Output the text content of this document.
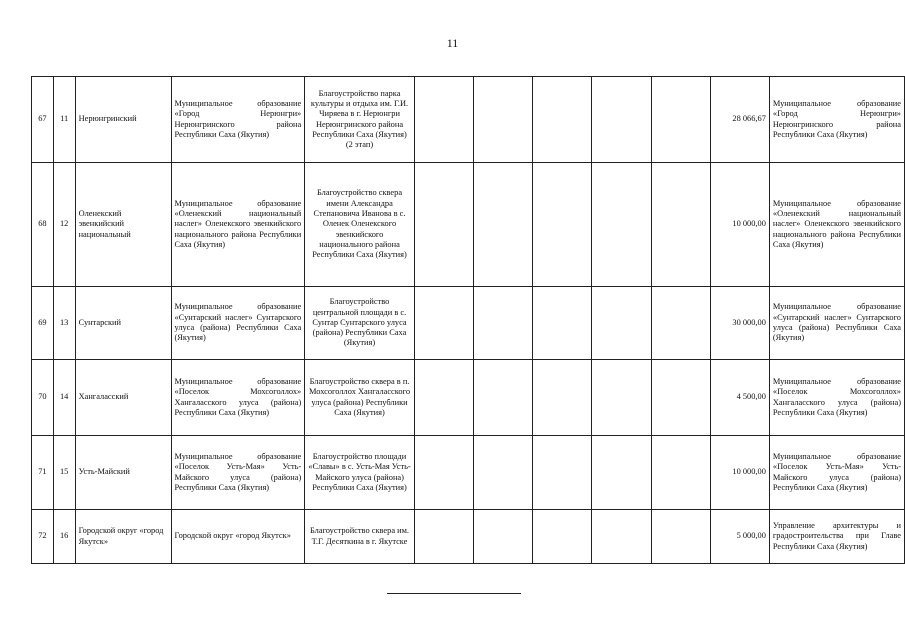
11
67	11	Нерюнгринский	Муниципальное образование «Город Нерюнгри» Нерюнгринского района Республики Саха (Якутия)	Благоустройство парка культуры и отдыха им. Г.И. Чиряева в г. Нерюнгри Нерюнгринского района Республики Саха (Якутия) (2 этап)						28 066,67	Муниципальное образование «Город Нерюнгри» Нерюнгринского района Республики Саха (Якутия)
68	12	Оленекский эвенкийский национальный	Муниципальное образование «Оленекский национальный наслег» Оленекского эвенкийского национального района Республики Саха (Якутия)	Благоустройство сквера имени Александра Степановича Иванова в с. Оленек Оленекского эвенкийского национального района Республики Саха (Якутия)						10 000,00	Муниципальное образование «Оленекский национальный наслег» Оленекского эвенкийского национального района Республики Саха (Якутия)
69	13	Сунтарский	Муниципальное образование «Сунтарский наслег» Сунтарского улуса (района) Республики Саха (Якутия)	Благоустройство центральной площади в с. Сунтар Сунтарского улуса (района) Республики Саха (Якутия)						30 000,00	Муниципальное образование «Сунтарский наслег» Сунтарского улуса (района) Республики Саха (Якутия)
70	14	Хангаласский	Муниципальное образование «Поселок Мохсоголлох» Хангаласского улуса (района) Республики Саха (Якутия)	Благоустройство сквера в п. Мохсоголлох Хангаласского улуса (района) Республики Саха (Якутия)						4 500,00	Муниципальное образование «Поселок Мохсоголлох» Хангаласского улуса (района) Республики Саха (Якутия)
71	15	Усть-Майский	Муниципальное образование «Поселок Усть-Мая» Усть-Майского улуса (района) Республики Саха (Якутия)	Благоустройство площади «Славы» в с. Усть-Мая Усть-Майского улуса (района) Республики Саха (Якутия)						10 000,00	Муниципальное образование «Поселок Усть-Мая» Усть-Майского улуса (района) Республики Саха (Якутия)
72	16	Городской округ «город Якутск»	Городской округ «город Якутск»	Благоустройство сквера им. Т.Г. Десяткина в г. Якутске						5 000,00	Управление архитектуры и градостроительства при Главе Республики Саха (Якутия)
